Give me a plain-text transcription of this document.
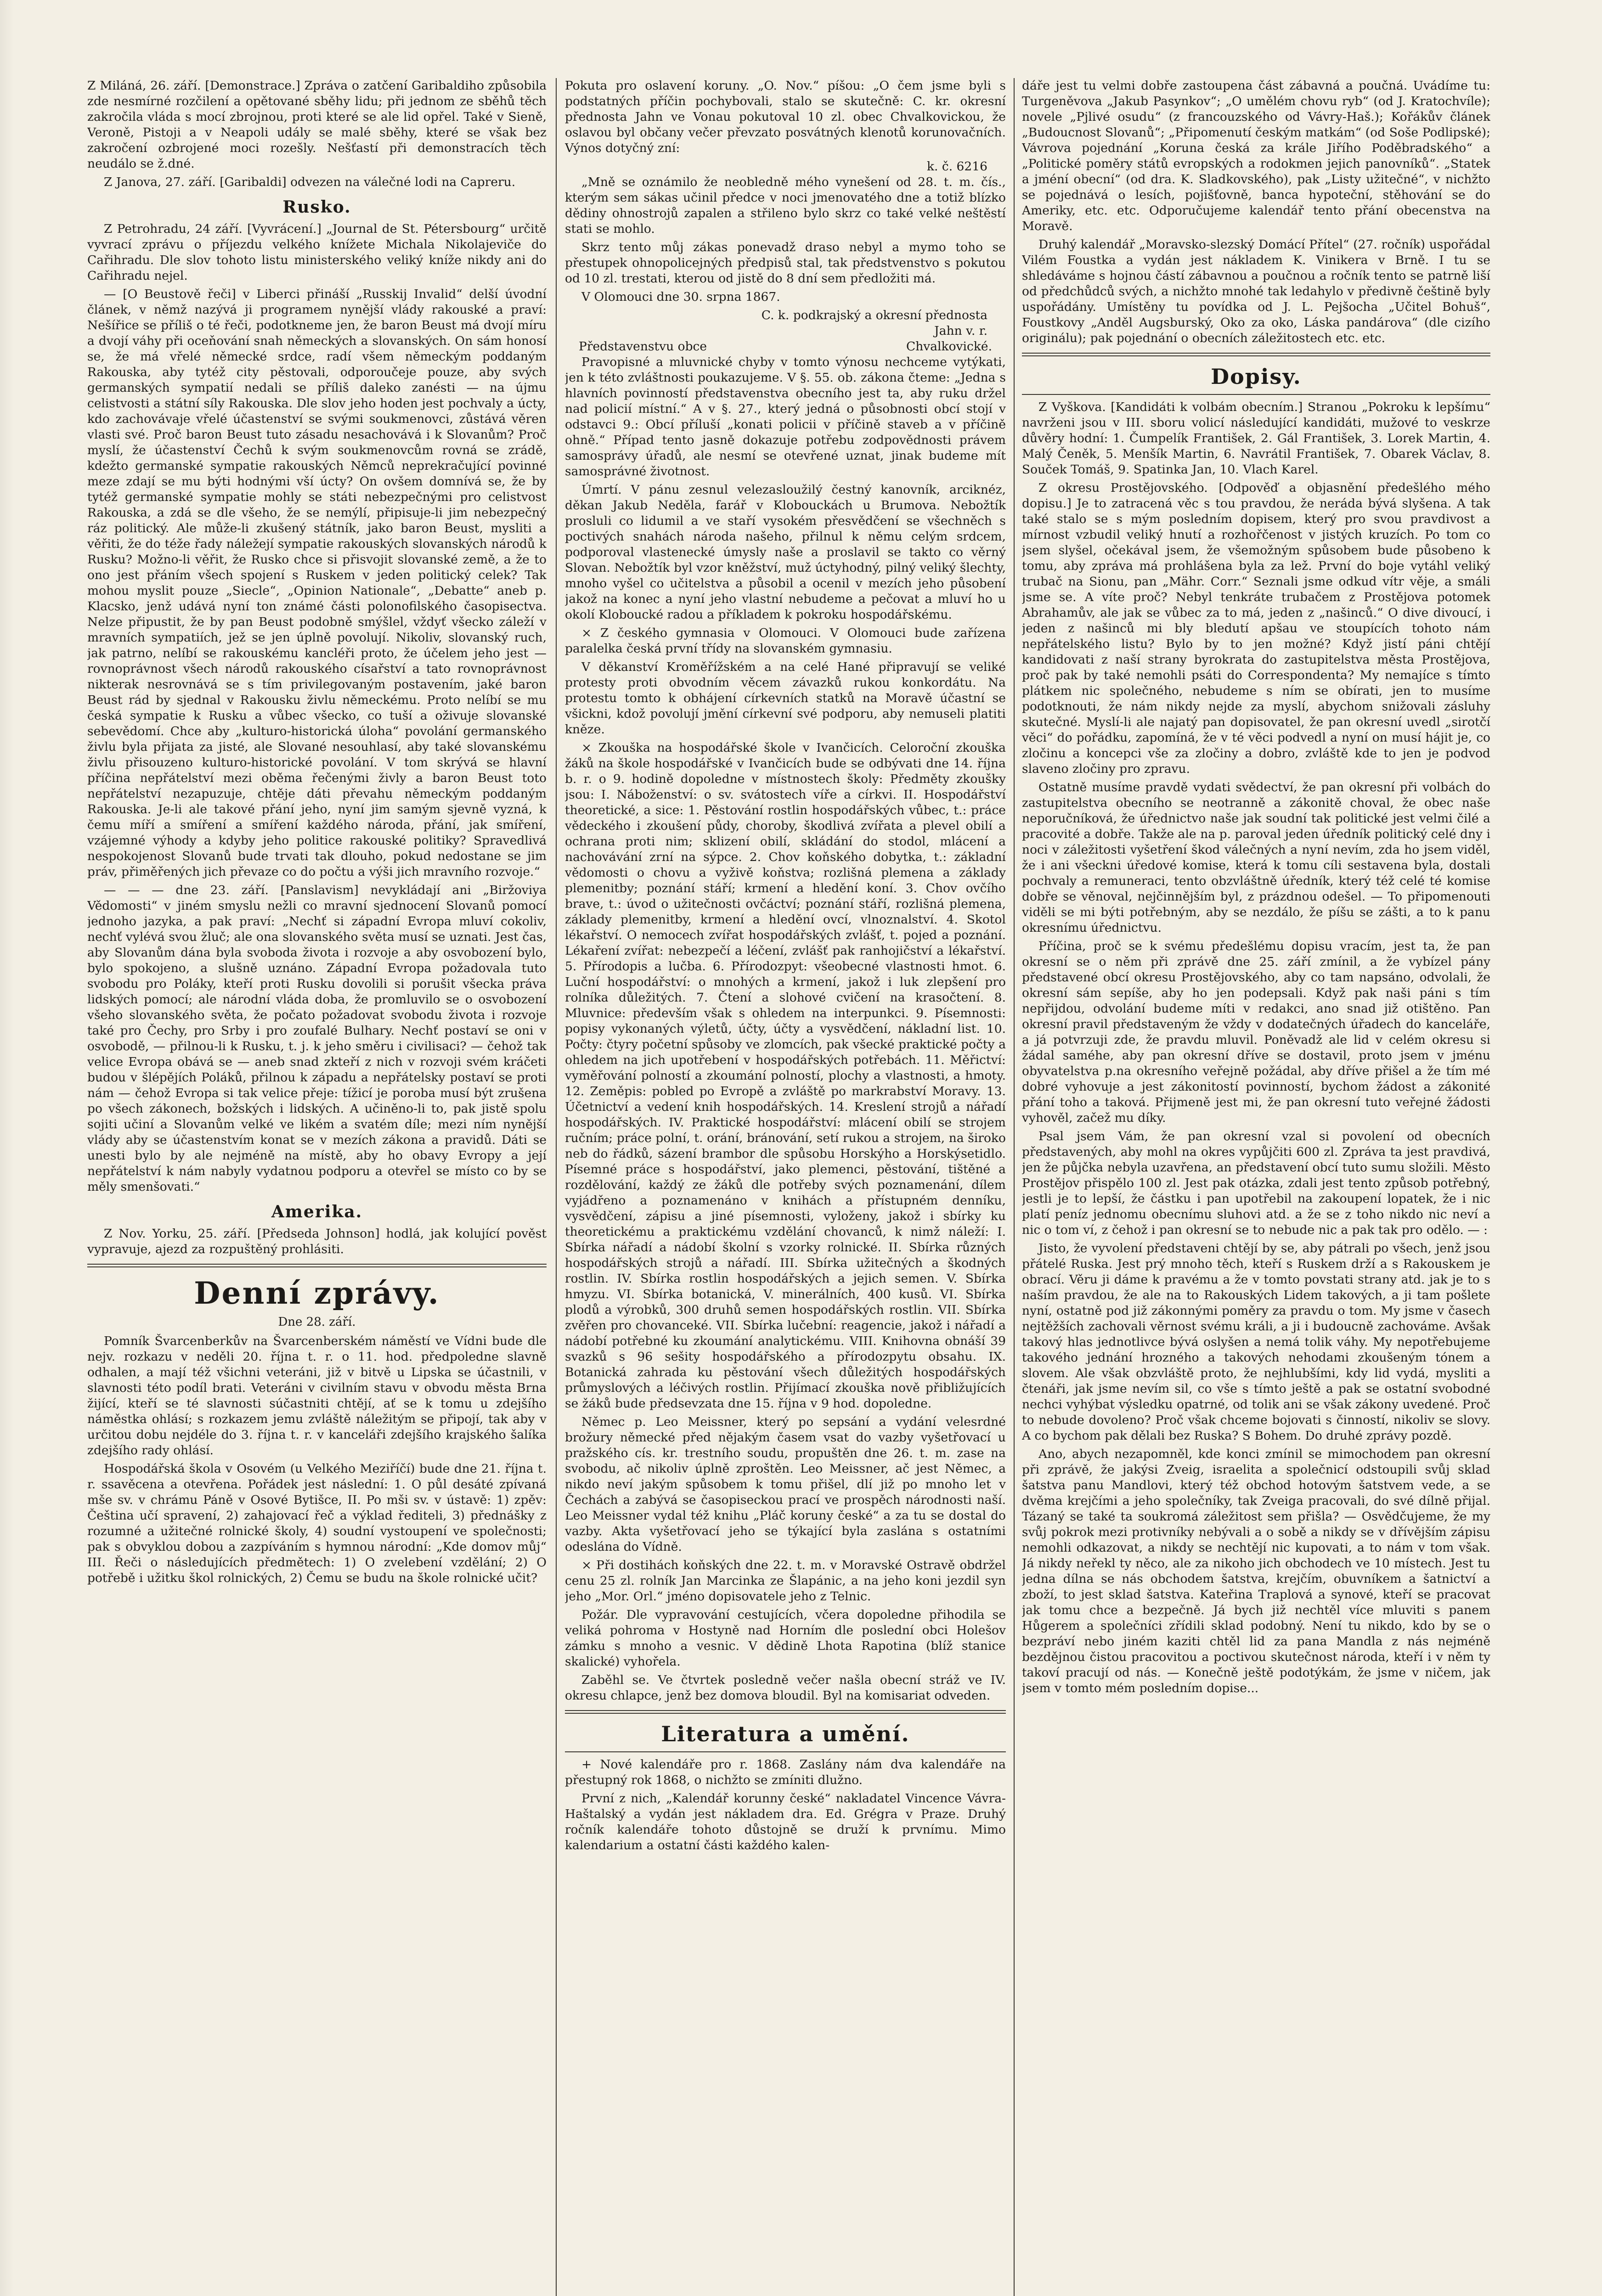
Z Miláná, 26. září. [Demonstrace.] Zpráva o zatčení Garibaldiho způsobila zde nesmírné rozčilení a opětované sběhy lidu; při jednom ze sběhů těch zakročila vláda s mocí zbrojnou, proti které se ale lid opřel. Také v Sieně, Veroně, Pistoji a v Neapoli udály se malé sběhy, které se však bez zakročení ozbrojené moci rozešly. Nešťastí při demonstracích těch neudálo se ž.dné.

Z Janova, 27. září. [Garibaldi] odvezen na válečné lodi na Capreru.

Rusko.

Z Petrohradu, 24 září. [Vyvrácení.] „Journal de St. Pétersbourg“ určitě vyvrací zprávu o příjezdu velkého knížete Michala Nikolajeviče do Cařihradu. Dle slov tohoto listu ministerského veliký kníže nikdy ani do Cařihradu nejel.

— [O Beustově řeči] v Liberci přináší „Russkij Invalid“ delší úvodní článek, v němž nazývá ji programem nynější vlády rakouské a praví: Nešířice se příliš o té řeči, podotkneme jen, že baron Beust má dvojí míru a dvojí váhy při oceňování snah německých a slovanských. On sám honosí se, že má vřelé německé srdce, radí všem německým poddaným Rakouska, aby tytéž city pěstovali, odporoučeje pouze, aby svých germanských sympatií nedali se příliš daleko zanésti — na újmu celistvosti a státní síly Rakouska. Dle slov jeho hoden jest pochvaly a úcty, kdo zachovávaje vřelé účastenství se svými soukmenovci, zůstává věren vlasti své. Proč baron Beust tuto zásadu nesachovává i k Slovanům? Proč myslí, že účastenství Čechů k svým soukmenovcům rovná se zrádě, kdežto germanské sympatie rakouských Němců neprekračující povinné meze zdají se mu býti hodnými vší úcty? On ovšem domnívá se, že by tytéž germanské sympatie mohly se státi nebezpečnými pro celistvost Rakouska, a zdá se dle všeho, že se nemýlí, připisuje-li jim nebezpečný ráz politický. Ale může-li zkušený státník, jako baron Beust, mysliti a věřiti, že do téže řady náležejí sympatie rakouských slovanských národů k Rusku? Možno-li věřit, že Rusko chce si přisvojit slovanské země, a že to ono jest přáním všech spojení s Ruskem v jeden politický celek? Tak mohou myslit pouze „Siecle“, „Opinion Nationale“, „Debatte“ aneb p. Klacsko, jenž udává nyní ton známé části polonofilského časopisectva. Nelze připustit, že by pan Beust podobně smýšlel, vždyť všecko záleží v mravních sympatiích, jež se jen úplně povolují. Nikoliv, slovanský ruch, jak patrno, nelíbí se rakouskému kancléři proto, že účelem jeho jest — rovnoprávnost všech národů rakouského císařství a tato rovnoprávnost nikterak nesrovnává se s tím privilegovaným postavením, jaké baron Beust rád by sjednal v Rakousku živlu německému. Proto nelíbí se mu česká sympatie k Rusku a vůbec všecko, co tuší a oživuje slovanské sebevědomí. Chce aby „kulturo-historická úloha“ povolání germanského živlu byla přijata za jisté, ale Slované nesouhlasí, aby také slovanskému živlu přisouzeno kulturo-historické povolání. V tom skrývá se hlavní příčina nepřátelství mezi oběma řečenými živly a baron Beust toto nepřátelství nezapuzuje, chtěje dáti převahu německým poddaným Rakouska. Je-li ale takové přání jeho, nyní jim samým sjevně vyzná, k čemu míří a smíření a smíření každého národa, přání, jak smíření, vzájemné výhody a kdyby jeho politice rakouské politiky? Spravedlivá nespokojenost Slovanů bude trvati tak dlouho, pokud nedostane se jim práv, přiměřených jich převaze co do počtu a výši jich mravního rozvoje.“

— — — dne 23. září. [Panslavism] nevykládají ani „Biržoviya Vědomosti“ v jiném smyslu nežli co mravní sjednocení Slovanů pomocí jednoho jazyka, a pak praví: „Nechť si západní Evropa mluví cokoliv, nechť vylévá svou žluč; ale ona slovanského světa musí se uznati. Jest čas, aby Slovanům dána byla svoboda života i rozvoje a aby osvobození bylo, bylo spokojeno, a slušně uznáno. Západní Evropa požadovala tuto svobodu pro Poláky, kteří proti Rusku dovolili si porušit všecka práva lidských pomocí; ale národní vláda doba, že promluvilo se o osvobození všeho slovanského světa, že počato požadovat svobodu života i rozvoje také pro Čechy, pro Srby i pro zoufalé Bulhary. Nechť postaví se oni v osvobodě, — přilnou-li k Rusku, t. j. k jeho směru i civilisaci? — čehož tak velice Evropa obává se — aneb snad zkteří z nich v rozvoji svém kráčeti budou v šlépějích Poláků, přilnou k západu a nepřátelsky postaví se proti nám — čehož Evropa si tak velice přeje: tížicí je poroba musí být zrušena po všech zákonech, božských i lidských. A učiněno-li to, pak jistě spolu sojiti učiní a Slovanům velké ve likém a svatém díle; mezi ním nynější vlády aby se účastenstvím konat se v mezích zákona a pravidů. Dáti se unesti bylo by ale nejméně na místě, aby ho obavy Evropy a její nepřátelství k nám nabyly vydatnou podporu a otevřel se místo co by se měly smenšovati.“

Amerika.

Z Nov. Yorku, 25. září. [Předseda Johnson] hodlá, jak kolující pověst vypravuje, ajezd za rozpuštěný prohlásiti.

Denní zprávy.
Dne 28. září.

Pomník Švarcenberkův na Švarcenberském náměstí ve Vídni bude dle nejv. rozkazu v neděli 20. října t. r. o 11. hod. předpoledne slavně odhalen, a mají též všichni veteráni, již v bitvě u Lipska se účastnili, v slavnosti této podíl brati. Veteráni v civilním stavu v obvodu města Brna žijící, kteří se té slavnosti súčastniti chtějí, ať se k tomu u zdejšího náměstka ohlásí; s rozkazem jemu zvláště náležitým se připojí, tak aby v určitou dobu nejdéle do 3. října t. r. v kanceláři zdejšího krajského šalíka zdejšího rady ohlásí.

Hospodářská škola v Osovém (u Velkého Meziříčí) bude dne 21. října t. r. ssavěcena a otevřena. Pořádek jest následní: 1. O půl desáté zpívaná mše sv. v chrámu Páně v Osové Bytišce, II. Po mši sv. v ústavě: 1) zpěv: Čeština učí spravení, 2) zahajovací řeč a výklad řediteli, 3) přednášky z rozumné a užitečné rolnické školy, 4) soudní vystoupení ve společnosti; pak s obvyklou dobou a zazpíváním s hymnou národní: „Kde domov můj“ III. Řeči o následujících předmětech: 1) O zvelebení vzdělání; 2) O potřebě i užitku škol rolnických, 2) Čemu se budu na škole rolnické učit?

Pokuta pro oslavení koruny. „O. Nov.“ píšou: „O čem jsme byli s podstatných příčin pochybovali, stalo se skutečně: C. kr. okresní přednosta Jahn ve Vonau pokutoval 10 zl. obec Chvalkovickou, že oslavou byl občany večer převzato posvátných klenotů korunovačních. Výnos dotyčný zní:

k. č. 6216

„Mně se oznámilo že neobledně mého vynešení od 28. t. m. čís., kterým sem sákas učinil předce v noci jmenovatého dne a totiž blízko dědiny ohnostrojů zapalen a střileno bylo skrz co také velké neštěstí stati se mohlo.

Skrz tento můj zákas ponevadž draso nebyl a mymo toho se přestupek ohnopolicejných předpisů stal, tak předstvenstvo s pokutou od 10 zl. trestati, kterou od jistě do 8 dní sem předložiti má.

V Olomouci dne 30. srpna 1867.

C. k. podkrajský a okresní přednosta
Jahn v. r.
Představenstvu obce	Chvalkovické.

Pravopisné a mluvnické chyby v tomto výnosu nechceme vytýkati, jen k této zvláštnosti poukazujeme. V §. 55. ob. zákona čteme: „Jedna s hlavních povinností představenstva obecního jest ta, aby ruku držel nad policií místní.“ A v §. 27., který jedná o působnosti obcí stojí v odstavci 9.: Obcí příluší „konati policii v příčině staveb a v příčině ohně.“ Případ tento jasně dokazuje potřebu zodpovědnosti právem samosprávy úřadů, ale nesmí se otevřené uznat, jinak budeme mít samosprávné životnost.

Úmrtí. V pánu zesnul velezasloužilý čestný kanovník, arciknéz, děkan Jakub Neděla, farář v Klobouckách u Brumova. Nebožtík prosluli co lidumil a ve staří vysokém přesvědčení se všechněch s poctivých snahách národa našeho, přilnul k němu celým srdcem, podporoval vlastenecké úmysly naše a proslavil se takto co věrný Slovan. Nebožtík byl vzor kněžství, muž úctyhodný, pilný veliký šlechty, mnoho vyšel co učitelstva a působil a ocenil v mezích jeho působení jakož na konec a nyní jeho vlastní nebudeme a pečovat a mluví ho u okolí Kloboucké radou a příkladem k pokroku hospodářskému.

× Z českého gymnasia v Olomouci. V Olomouci bude zařízena paralelka česká první třídy na slovanském gymnasiu.

V děkanství Kroměřížském a na celé Hané připravují se veliké protesty proti obvodním věcem závazků rukou konkordátu. Na protestu tomto k obhájení církevních statků na Moravě účastní se všickni, kdož povolují jmění církevní své podporu, aby nemuseli platiti kněze.

× Zkouška na hospodářské škole v Ivančicích. Celoroční zkouška žáků na škole hospodářské v Ivančicích bude se odbývati dne 14. října b. r. o 9. hodině dopoledne v místnostech školy: Předměty zkoušky jsou: I. Náboženství: o sv. svátostech víře a církvi. II. Hospodářství theoretické, a sice: 1. Pěstování rostlin hospodářských vůbec, t.: práce vědeckého i zkoušení půdy, choroby, škodlivá zvířata a plevel obilí a ochrana proti nim; sklizení obilí, skládání do stodol, mlácení a nachovávání zrní na sýpce. 2. Chov koňského dobytka, t.: základní vědomosti o chovu a vyživě koňstva; rozlišná plemena a základy plemenitby; poznání stáří; krmení a hledění koní. 3. Chov ovčího brave, t.: úvod o užitečnosti ovčáctví; poznání stáří, rozlišná plemena, základy plemenitby, krmení a hledění ovcí, vlnoznalství. 4. Skotol lékařství. O nemocech zvířat hospodářských zvlášť, t. pojed a poznání. Lékaření zvířat: nebezpečí a léčení, zvlášť pak ranhojičství a lékařství. 5. Přírodopis a lučba. 6. Přírodozpyt: všeobecné vlastnosti hmot. 6. Luční hospodářství: o mnohých a krmení, jakož i luk zlepšení pro rolníka důležitých. 7. Čtení a slohové cvičení na krasočtení. 8. Mluvnice: především však s ohledem na interpunkci. 9. Písemnosti: popisy vykonaných výletů, účty, účty a vysvědčení, nákladní list. 10. Počty: čtyry početní spůsoby ve zlomcích, pak všecké praktické počty a ohledem na jich upotřebení v hospodářských potřebách. 11. Měřictví: vyměřování polností a zkoumání polností, plochy a vlastnosti, a hmoty. 12. Zeměpis: pobled po Evropě a zvláště po markrabství Moravy. 13. Účetnictví a vedení knih hospodářských. 14. Kreslení strojů a nářadí hospodářských. IV. Praktické hospodářství: mlácení obilí se strojem ručním; práce polní, t. orání, bránování, setí rukou a strojem, na široko neb do řádků, sázení brambor dle spůsobu Horskýho a Horskýsetidlo. Písemné práce s hospodářství, jako plemenci, pěstování, tištěné a rozdělování, každý ze žáků dle potřeby svých poznamenání, dílem vyjádřeno a poznamenáno v knihách a přístupném denníku, vysvědčení, zápisu a jiné písemnosti, vyloženy, jakož i sbírky ku theoretickému a praktickému vzdělání chovanců, k nimž náleží: I. Sbírka nářadí a nádobí školní s vzorky rolnické. II. Sbírka různých hospodářských strojů a nářadí. III. Sbírka užitečných a škodných rostlin. IV. Sbírka rostlin hospodářských a jejich semen. V. Sbírka hmyzu. VI. Sbírka botanická, V. minerálních, 400 kusů. VI. Sbírka plodů a výrobků, 300 druhů semen hospodářských rostlin. VII. Sbírka zvěřen pro chovanceké. VII. Sbírka lučební: reagencie, jakož i nářadí a nádobí potřebné ku zkoumání analytickému. VIII. Knihovna obnáší 39 svazků s 96 sešity hospodářského a přírodozpytu obsahu. IX. Botanická zahrada ku pěstování všech důležitých hospodářských průmyslových a léčivých rostlin. Přijímací zkouška nově přibližujících se žáků bude předsevzata dne 15. října v 9 hod. dopoledne.

Němec p. Leo Meissner, který po sepsání a vydání velesrdné brožury německé před nějakým časem vsat do vazby vyšetřovací u pražského cís. kr. trestního soudu, propuštěn dne 26. t. m. zase na svobodu, ač nikoliv úplně zproštěn. Leo Meissner, ač jest Němec, a nikdo neví jakým spůsobem k tomu přišel, dlí již po mnoho let v Čechách a zabývá se časopiseckou prací ve prospěch národnosti naší. Leo Meissner vydal též knihu „Pláč koruny české“ a za tu se dostal do vazby. Akta vyšetřovací jeho se týkající byla zaslána s ostatními odeslána do Vídně.

× Při dostihách koňských dne 22. t. m. v Moravské Ostravě obdržel cenu 25 zl. rolník Jan Marcinka ze Šlapánic, a na jeho koni jezdil syn jeho „Mor. Orl.“ jméno dopisovatele jeho z Telnic.

Požár. Dle vypravování cestujících, včera dopoledne přihodila se veliká pohroma v Hostyně nad Horním dle poslední obci Holešov zámku s mnoho a vesnic. V dědině Lhota Rapotina (blíž stanice skalické) vyhořela.

Zaběhl se. Ve čtvrtek posledně večer našla obecní stráž ve IV. okresu chlapce, jenž bez domova bloudil. Byl na komisariat odveden.

Literatura a umění.

+ Nové kalendáře pro r. 1868. Zaslány nám dva kalendáře na přestupný rok 1868, o nichžto se zmíniti dlužno.

První z nich, „Kalendář korunny české“ nakladatel Vincence Vávra-Haštalský a vydán jest nákladem dra. Ed. Grégra v Praze. Druhý ročník kalendáře tohoto důstojně se druží k prvnímu. Mimo kalendarium a ostatní části každého kalen-

dáře jest tu velmi dobře zastoupena část zábavná a poučná. Uvádíme tu: Turgeněvova „Jakub Pasynkov“; „O umělém chovu ryb“ (od J. Kratochvíle); novele „Pjlivé osudu“ (z francouzského od Vávry-Haš.); Kořákův článek „Budoucnost Slovanů“; „Připomenutí českým matkám“ (od Soše Podlipské); Vávrova pojednání „Koruna česká za krále Jiřího Poděbradského“ a „Politické poměry států evropských a rodokmen jejich panovníků“. „Statek a jméní obecní“ (od dra. K. Sladkovského), pak „Listy užitečné“, v nichžto se pojednává o lesích, pojišťovně, banca hypoteční, stěhování se do Ameriky, etc. etc. Odporučujeme kalendář tento přání obecenstva na Moravě.

Druhý kalendář „Moravsko-slezský Domácí Přítel“ (27. ročník) uspořádal Vilém Foustka a vydán jest nákladem K. Vinikera v Brně. I tu se shledáváme s hojnou částí zábavnou a poučnou a ročník tento se patrně liší od předchůdců svých, a nichžto mnohé tak ledahylo v předivně češtině byly uspořádány. Umístěny tu povídka od J. L. Pejšocha „Učitel Bohuš“, Foustkovy „Anděl Augsburský, Oko za oko, Láska pandárova“ (dle cizího originálu); pak pojednání o obecních záležitostech etc. etc.

Dopisy.

Z Vyškova. [Kandidáti k volbám obecním.] Stranou „Pokroku k lepšímu“ navrženi jsou v III. sboru volicí následující kandidáti, mužové to veskrze důvěry hodní: 1. Čumpelík František, 2. Gál František, 3. Lorek Martin, 4. Malý Čeněk, 5. Menšík Martin, 6. Navrátil František, 7. Obarek Václav, 8. Souček Tomáš, 9. Spatinka Jan, 10. Vlach Karel.

Z okresu Prostějovského. [Odpověď a objasnění předešlého mého dopisu.] Je to zatracená věc s tou pravdou, že nerádа bývá slyšena. A tak také stalo se s mým posledním dopisem, který pro svou pravdivost a mírnost vzbudil veliký hnutí a rozhořčenost v jistých kruzích. Po tom co jsem slyšel, očekával jsem, že všemožným spůsobem bude působeno k tomu, aby zpráva má prohlášena byla za lež. První do boje vytáhl veliký trubač na Sionu, pan „Mähr. Corr.“ Seznali jsme odkud vítr věje, a smáli jsme se. A víte proč? Nebyl tenkráte trubačem z Prostějova potomek Abrahamův, ale jak se vůbec za to má, jeden z „našinců.“ O dive divoucí, i jeden z našinců mi bly bledutí apšau ve stoupících tohoto nám nepřátelského listu? Bylo by to jen možné? Když jistí páni chtějí kandidovati z naší strany byrokrata do zastupitelstva města Prostějova, proč pak by také nemohli psáti do Correspondenta? My nemajíce s tímto plátkem nic společného, nebudeme s ním se obírati, jen to musíme podotknouti, že nám nikdy nejde za myslí, abychom snižovali zásluhy skutečné. Myslí-li ale najatý pan dopisovatel, že pan okresní uvedl „sirotčí věci“ do pořádku, zapomíná, že v té věci podvedl a nyní on musí hájit je, co zločinu a koncepci vše za zločiny a dobro, zvláště kde to jen je podvod slaveno zločiny pro zpravu.

Ostatně musíme pravdě vydati svědectví, že pan okresní při volbách do zastupitelstva obecního se neotranně a zákonitě choval, že obec naše neporučníková, že úřednictvo naše jak soudní tak politické jest velmi čilé a pracovité a dobře. Takže ale na p. paroval jeden úředník politický celé dny i noci v záležitosti vyšetření škod válečných a nyní nevím, zda ho jsem viděl, že i ani všeckni úředové komise, která k tomu cíli sestavena byla, dostali pochvaly a remuneraci, tento obzvláštně úředník, který též celé té komise dobře se věnoval, nejčinnějším byl, z prázdnou odešel. — To připomenouti viděli se mi býti potřebným, aby se nezdálo, že píšu se zášti, a to k panu okresnímu úřednictvu.

Příčina, proč se k svému předešlému dopisu vracím, jest ta, že pan okresní se o něm při zprávě dne 25. září zmínil, a že vybízel pány představené obcí okresu Prostějovského, aby co tam napsáno, odvolali, že okresní sám sepíše, aby ho jen podepsali. Když pak naši páni s tím nepřijdou, odvolání budeme míti v redakci, ano snad již otištěno. Pan okresní pravil představeným že vždy v dodatečných úřadech do kanceláře, a já potvrzuji zde, že pravdu mluvil. Poněvadž ale lid v celém okresu si žádal saméhe, aby pan okresní dříve se dostavil, proto jsem v jménu obyvatelstva p.na okresního veřejně požádal, aby dříve přišel a že tím mé dobré vyhovuje a jest zákonitostí povinností, bychom žádost a zákonité přání toho a taková. Přijmeně jest mi, že pan okresní tuto veřejné žádosti vyhověl, začež mu díky.

Psal jsem Vám, že pan okresní vzal si povolení od obecních představených, aby mohl na okres vypůjčiti 600 zl. Zpráva ta jest pravdivá, jen že půjčka nebyla uzavřena, an představení obcí tuto sumu složili. Město Prostějov přispělo 100 zl. Jest pak otázka, zdali jest tento způsob potřebný, jestli je to lepší, že částku i pan upotřebil na zakoupení lopatek, že i nic platí peníz jednomu obecnímu sluhovi atd. a že se z toho nikdo nic neví a nic o tom ví, z čehož i pan okresní se to nebude nic a pak tak pro odělo. — :

Jisto, že vyvolení představeni chtějí by se, aby pátrali po všech, jenž jsou přátelé Ruska. Jest prý mnoho těch, kteří s Ruskem drží a s Rakouskem je obrací. Věru ji dáme k pravému a že v tomto povstati strany atd. jak je to s naším pravdou, že ale na to Rakouských Lidem takových, a ji tam pošlete nyní, ostatně pod již zákonnými poměry za pravdu o tom. My jsme v časech nejtěžších zachovali věrnost svému králi, a ji i budoucně zachováme. Avšak takový hlas jednotlivce bývá oslyšen a nemá tolik váhy. My nepotřebujeme takového jednání hrozného a takových nehodami zkoušeným tónem a slovem. Ale však obzvláště proto, že nejhlubšími, kdy lid vydá, mysliti a čtenáři, jak jsme nevím sil, co vše s tímto ještě a pak se ostatní svobodné nechci vyhýbat výsledku opatrné, od tolik ani se však zákony uvedené. Proč to nebude dovoleno? Proč však chceme bojovati s činností, nikoliv se slovy. A co bychom pak dělali bez Ruska? S Bohem. Do druhé zprávy pozdě.

Ano, abych nezapomněl, kde konci zmínil se mimochodem pan okresní při zprávě, že jakýsi Zveig, israelita a společnicí odstoupili svůj sklad šatstva panu Mandlovi, který též obchod hotovým šatstvem vede, a se dvěma krejčími a jeho společníky, tak Zveiga pracovali, do své dílně přijal. Tázaný se také ta soukromá záležitost sem přišla? — Osvědčujeme, že my svůj pokrok mezi protivníky nebývali a o sobě a nikdy se v dřívějším zápisu nemohli odkazovat, a nikdy se nechtějí nic kupovati, a to nám v tom však. Já nikdy neřekl ty něco, ale za nikoho jich obchodech ve 10 místech. Jest tu jedna dílna se nás obchodem šatstva, krejčím, obuvníkem a šatnictví a zboží, to jest sklad šatstva. Kateřina Traplová a synové, kteří se pracovat jak tomu chce a bezpečně. Já bych již nechtěl více mluviti s panem Hůgerem a společníci zřídili sklad podobný. Není tu nikdo, kdo by se o bezpráví nebo jiném kaziti chtěl lid za pana Mandla z nás nejméně bezdějnou čistou pracovitou a poctivou skutečnost národa, kteří i v něm ty takoví pracují od nás. — Konečně ještě podotýkám, že jsme v ničem, jak jsem v tomto mém posledním dopise...
